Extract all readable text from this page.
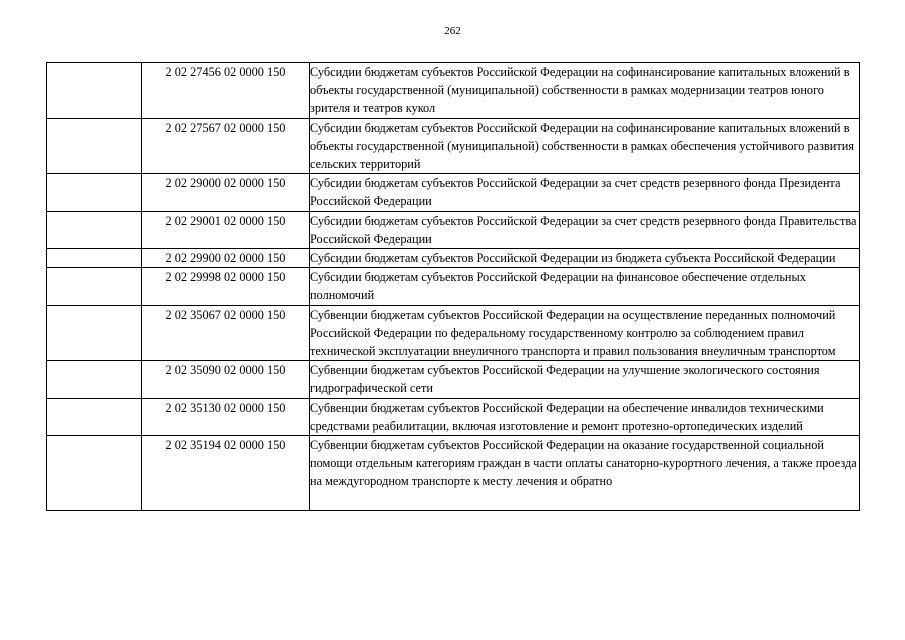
262
	2 02 27456 02 0000 150	Субсидии бюджетам субъектов Российской Федерации на софинансирование капитальных вложений в объекты государственной (муниципальной) собственности в рамках модернизации театров юного зрителя и театров кукол
	2 02 27567 02 0000 150	Субсидии бюджетам субъектов Российской Федерации на софинансирование капитальных вложений в объекты государственной (муниципальной) собственности в рамках обеспечения устойчивого развития сельских территорий
	2 02 29000 02 0000 150	Субсидии бюджетам субъектов Российской Федерации за счет средств резервного фонда Президента Российской Федерации
	2 02 29001 02 0000 150	Субсидии бюджетам субъектов Российской Федерации за счет средств резервного фонда Правительства Российской Федерации
	2 02 29900 02 0000 150	Субсидии бюджетам субъектов Российской Федерации из бюджета субъекта Российской Федерации
	2 02 29998 02 0000 150	Субсидии бюджетам субъектов Российской Федерации на финансовое обеспечение отдельных полномочий
	2 02 35067 02 0000 150	Субвенции бюджетам субъектов Российской Федерации на осуществление переданных полномочий Российской Федерации по федеральному государственному контролю за соблюдением правил технической эксплуатации внеуличного транспорта и правил пользования внеуличным транспортом
	2 02 35090 02 0000 150	Субвенции бюджетам субъектов Российской Федерации на улучшение экологического состояния гидрографической сети
	2 02 35130 02 0000 150	Субвенции бюджетам субъектов Российской Федерации на обеспечение инвалидов техническими средствами реабилитации, включая изготовление и ремонт протезно-ортопедических изделий
	2 02 35194 02 0000 150	Субвенции бюджетам субъектов Российской Федерации на оказание государственной социальной помощи отдельным категориям граждан в части оплаты санаторно-курортного лечения, а также проезда на междугородном транспорте к месту лечения и обратно
